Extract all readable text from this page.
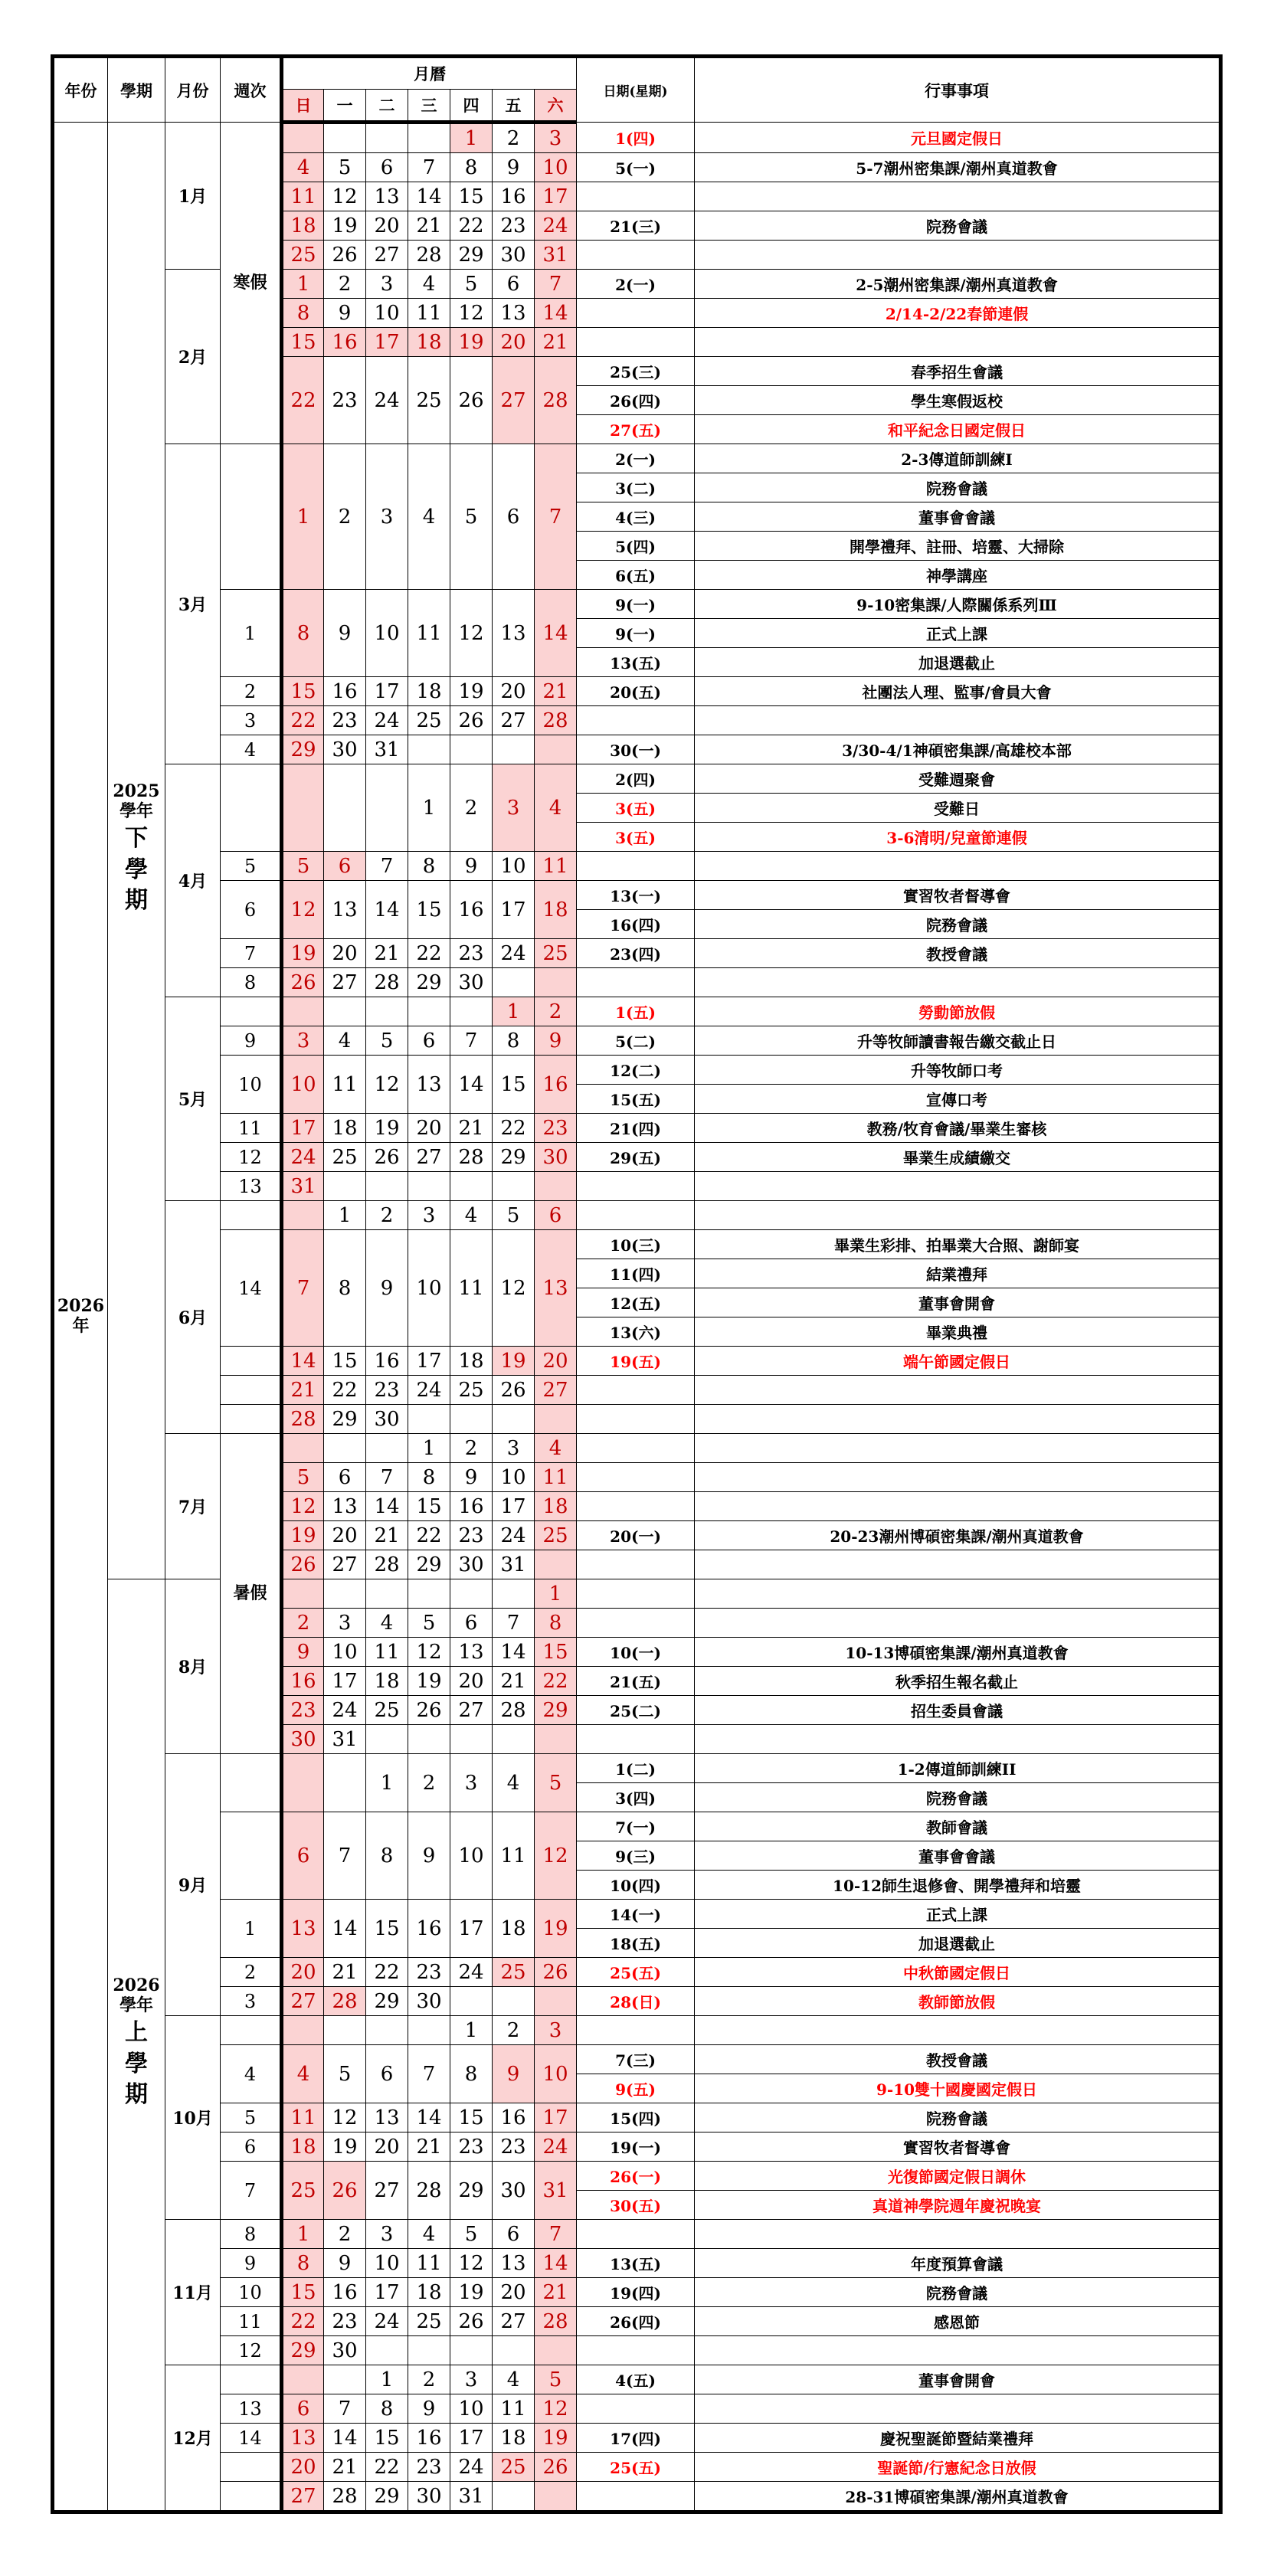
年份	學期	月份	週次	月曆							日期(星期)	行事事項
				日	一	二	三	四	五	六		

2026
年	2025
學年
下
學
期	1月	寒假					1	2	3	1(四)	元旦國定假日
				4	5	6	7	8	9	10	5(一)	5-7潮州密集課/潮州真道教會
				11	12	13	14	15	16	17		
				18	19	20	21	22	23	24	21(三)	院務會議
				25	26	27	28	29	30	31		
		2月		1	2	3	4	5	6	7	2(一)	2-5潮州密集課/潮州真道教會
				8	9	10	11	12	13	14		2/14-2/22春節連假
				15	16	17	18	19	20	21		
				22	23	24	25	26	27	28	25(三)	春季招生會議
											26(四)	學生寒假返校
											27(五)	和平紀念日國定假日
		3月		1	2	3	4	5	6	7	2(一)	2-3傳道師訓練Ⅰ
											3(二)	院務會議
											4(三)	董事會會議
											5(四)	開學禮拜、註冊、培靈、大掃除
											6(五)	神學講座
			1	8	9	10	11	12	13	14	9(一)	9-10密集課/人際關係系列Ⅲ
											9(一)	正式上課
											13(五)	加退選截止
			2	15	16	17	18	19	20	21	20(五)	社團法人理、監事/會員大會
			3	22	23	24	25	26	27	28		
			4	29	30	31					30(一)	3/30-4/1神碩密集課/高雄校本部
		4月					1	2	3	4	2(四)	受難週聚會
											3(五)	受難日
											3(五)	3-6清明/兒童節連假
			5	5	6	7	8	9	10	11		
			6	12	13	14	15	16	17	18	13(一)	實習牧者督導會
											16(四)	院務會議
			7	19	20	21	22	23	24	25	23(四)	教授會議
			8	26	27	28	29	30				
		5月							1	2	1(五)	勞動節放假
			9	3	4	5	6	7	8	9	5(二)	升等牧師讀書報告繳交截止日
			10	10	11	12	13	14	15	16	12(二)	升等牧師口考
											15(五)	宣傳口考
			11	17	18	19	20	21	22	23	21(四)	教務/牧育會議/畢業生審核
			12	24	25	26	27	28	29	30	29(五)	畢業生成績繳交
			13	31								
		6月			1	2	3	4	5	6		
			14	7	8	9	10	11	12	13	10(三)	畢業生彩排、拍畢業大合照、謝師宴
											11(四)	結業禮拜
											12(五)	董事會開會
											13(六)	畢業典禮
				14	15	16	17	18	19	20	19(五)	端午節國定假日
				21	22	23	24	25	26	27		
				28	29	30						
		7月	暑假				1	2	3	4		
				5	6	7	8	9	10	11		
				12	13	14	15	16	17	18		
				19	20	21	22	23	24	25	20(一)	20-23潮州博碩密集課/潮州真道教會
				26	27	28	29	30	31			

	2026
學年
上
學
期	8月								1		
				2	3	4	5	6	7	8		
				9	10	11	12	13	14	15	10(一)	10-13博碩密集課/潮州真道教會
				16	17	18	19	20	21	22	21(五)	秋季招生報名截止
				23	24	25	26	27	28	29	25(二)	招生委員會議
				30	31							
		9月				1	2	3	4	5	1(二)	1-2傳道師訓練II
											3(四)	院務會議
				6	7	8	9	10	11	12	7(一)	教師會議
											9(三)	董事會會議
											10(四)	10-12師生退修會、開學禮拜和培靈
			1	13	14	15	16	17	18	19	14(一)	正式上課
											18(五)	加退選截止
			2	20	21	22	23	24	25	26	25(五)	中秋節國定假日
			3	27	28	29	30				28(日)	教師節放假
		10月						1	2	3		
			4	4	5	6	7	8	9	10	7(三)	教授會議
											9(五)	9-10雙十國慶國定假日
			5	11	12	13	14	15	16	17	15(四)	院務會議
			6	18	19	20	21	23	23	24	19(一)	實習牧者督導會
			7	25	26	27	28	29	30	31	26(一)	光復節國定假日調休
											30(五)	真道神學院週年慶祝晚宴
		11月	8	1	2	3	4	5	6	7		
			9	8	9	10	11	12	13	14	13(五)	年度預算會議
			10	15	16	17	18	19	20	21	19(四)	院務會議
			11	22	23	24	25	26	27	28	26(四)	感恩節
			12	29	30							
		12月				1	2	3	4	5	4(五)	董事會開會
			13	6	7	8	9	10	11	12		
			14	13	14	15	16	17	18	19	17(四)	慶祝聖誕節暨結業禮拜
				20	21	22	23	24	25	26	25(五)	聖誕節/行憲紀念日放假
				27	28	29	30	31				28-31博碩密集課/潮州真道教會
